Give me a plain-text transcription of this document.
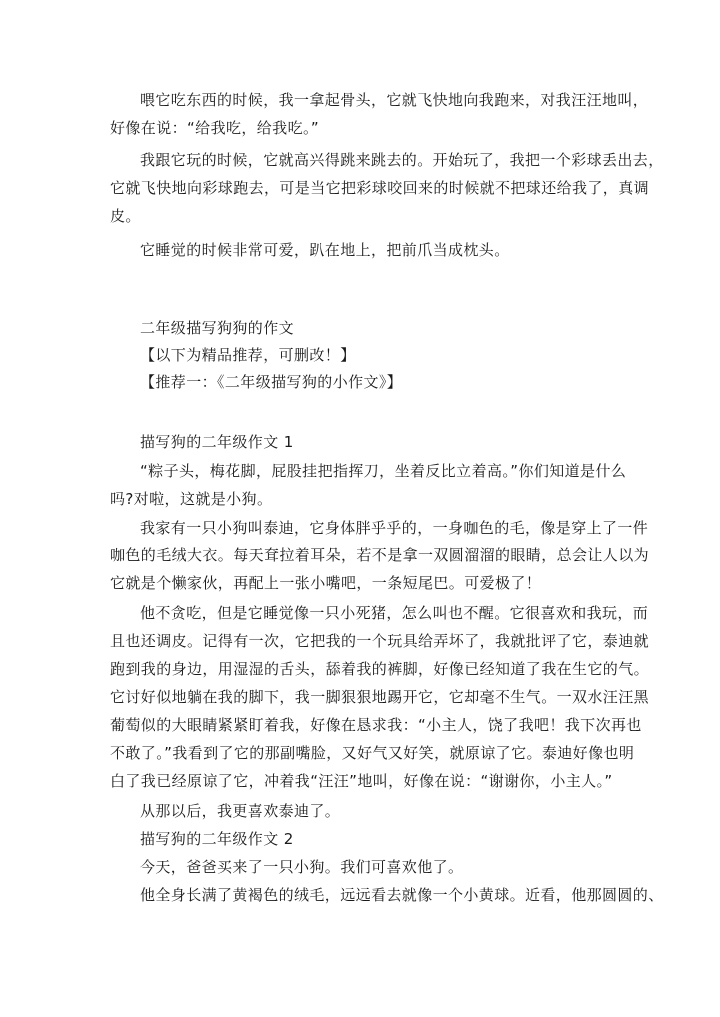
喂它吃东西的时候，我一拿起骨头，它就飞快地向我跑来，对我汪汪地叫，
好像在说：“给我吃，给我吃。”
我跟它玩的时候，它就高兴得跳来跳去的。开始玩了，我把一个彩球丢出去，
它就飞快地向彩球跑去，可是当它把彩球咬回来的时候就不把球还给我了，真调
皮。
它睡觉的时候非常可爱，趴在地上，把前爪当成枕头。
二年级描写狗狗的作文
【以下为精品推荐，可删改！】
【推荐一：《二年级描写狗的小作文》】
描写狗的二年级作文 1
“粽子头，梅花脚，屁股挂把指挥刀，坐着反比立着高。”你们知道是什么
吗?对啦，这就是小狗。
我家有一只小狗叫泰迪，它身体胖乎乎的，一身咖色的毛，像是穿上了一件
咖色的毛绒大衣。每天耷拉着耳朵，若不是拿一双圆溜溜的眼睛，总会让人以为
它就是个懒家伙，再配上一张小嘴吧，一条短尾巴。可爱极了！
他不贪吃，但是它睡觉像一只小死猪，怎么叫也不醒。它很喜欢和我玩，而
且也还调皮。记得有一次，它把我的一个玩具给弄坏了，我就批评了它，泰迪就
跑到我的身边，用湿湿的舌头，舔着我的裤脚，好像已经知道了我在生它的气。
它讨好似地躺在我的脚下，我一脚狠狠地踢开它，它却毫不生气。一双水汪汪黑
葡萄似的大眼睛紧紧盯着我，好像在恳求我：“小主人，饶了我吧！我下次再也
不敢了。”我看到了它的那副嘴脸，又好气又好笑，就原谅了它。泰迪好像也明
白了我已经原谅了它，冲着我“汪汪”地叫，好像在说：“谢谢你，小主人。”
从那以后，我更喜欢泰迪了。
描写狗的二年级作文 2
今天，爸爸买来了一只小狗。我们可喜欢他了。
他全身长满了黄褐色的绒毛，远远看去就像一个小黄球。近看，他那圆圆的、
